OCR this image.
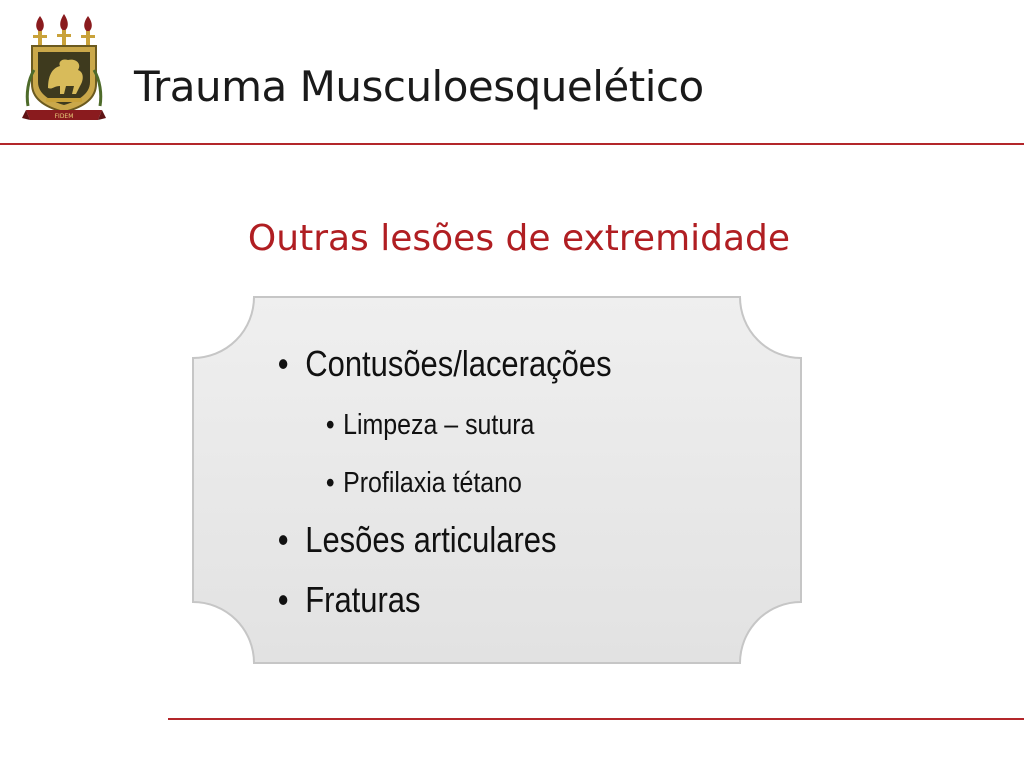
FIDEM
Trauma Musculoesquelético
Outras lesões de extremidade
• Contusões/lacerações
• Limpeza – sutura
• Profilaxia tétano
• Lesões articulares
• Fraturas
